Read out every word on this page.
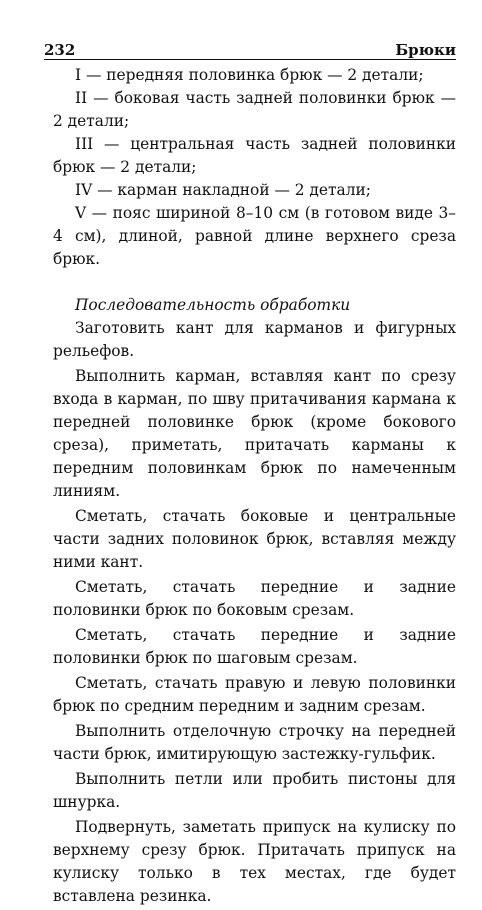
232	Брюки

I — передняя половинка брюк — 2 детали;

II — боковая часть задней половинки брюк — 2 детали;

III — центральная часть задней половинки брюк — 2 детали;

IV — карман накладной — 2 детали;

V — пояс шириной 8–10 см (в готовом виде 3–4 см), длиной, равной длине верхнего среза брюк.

Последовательность обработки

Заготовить кант для карманов и фигурных рельефов.

Выполнить карман, вставляя кант по срезу входа в карман, по шву притачивания кармана к передней половинке брюк (кроме бокового среза), приметать, притачать карманы к передним половинкам брюк по намеченным линиям.

Сметать, стачать боковые и центральные части задних половинок брюк, вставляя между ними кант.

Сметать, стачать передние и задние половинки брюк по боковым срезам.

Сметать, стачать передние и задние половинки брюк по шаговым срезам.

Сметать, стачать правую и левую половинки брюк по средним передним и задним срезам.

Выполнить отделочную строчку на передней части брюк, имитирующую застежку-гульфик.

Выполнить петли или пробить пистоны для шнурка.

Подвернуть, заметать припуск на кулиску по верхнему срезу брюк. Притачать припуск на кулиску только в тех местах, где будет вставлена резинка.
